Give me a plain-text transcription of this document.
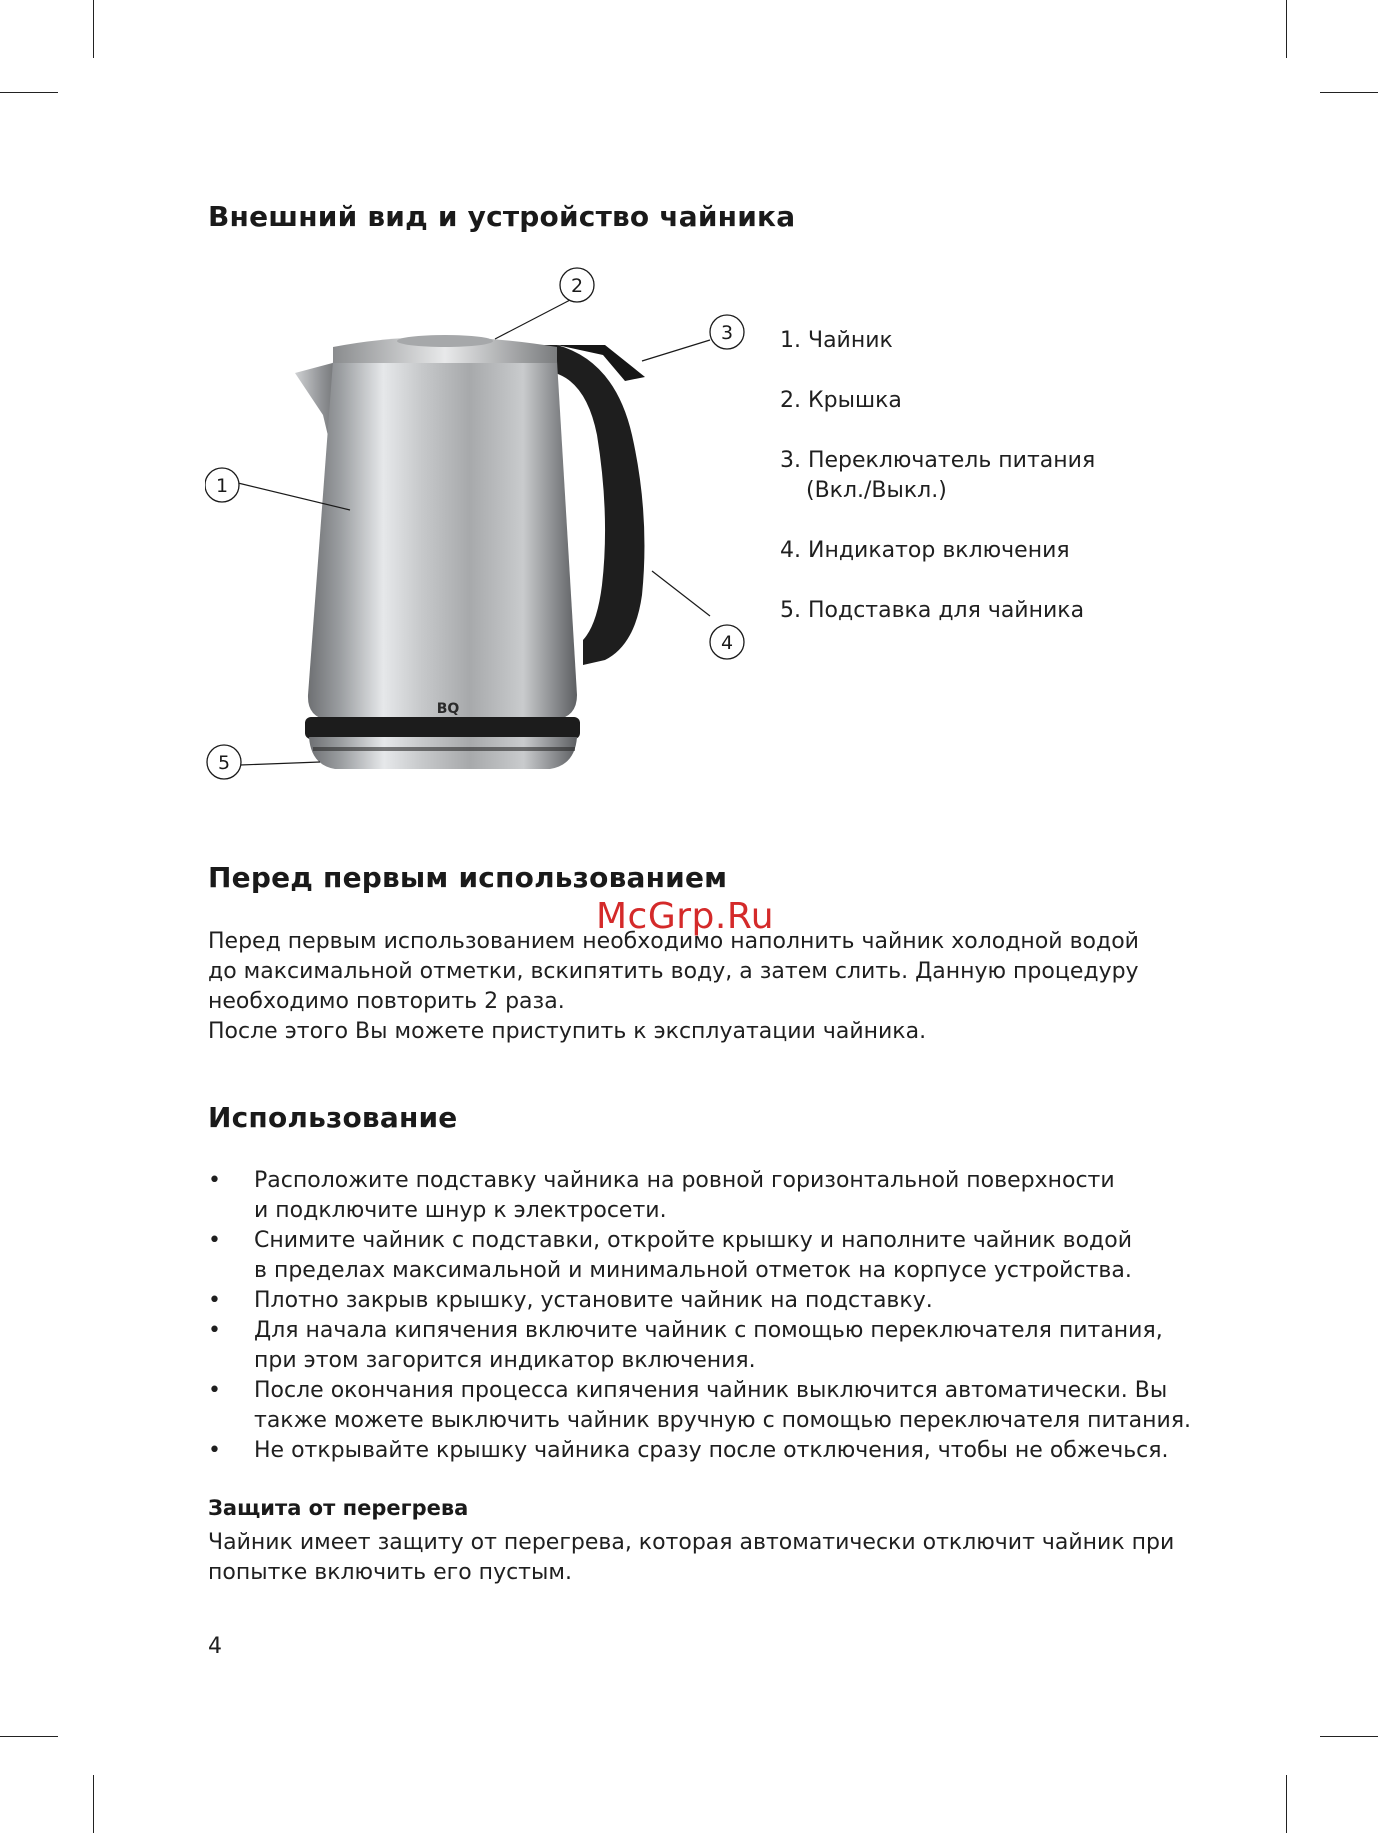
Внешний вид и устройство чайника
BQ
1
2
3
4
5
1. Чайник
2. Крышка
3. Переключатель питания
(Вкл./Выкл.)
4. Индикатор включения
5. Подставка для чайника
Перед первым использованием
McGrp.Ru

Перед первым использованием необходимо наполнить чайник холодной водой

до максимальной отметки, вскипятить воду, а затем слить. Данную процедуру

необходимо повторить 2 раза.

После этого Вы можете приступить к эксплуатации чайника.

Использование
• Расположите подставку чайника на ровной горизонтальной поверхности
и подключите шнур к электросети.
• Снимите чайник с подставки, откройте крышку и наполните чайник водой
в пределах максимальной и минимальной отметок на корпусе устройства.
• Плотно закрыв крышку, установите чайник на подставку.
• Для начала кипячения включите чайник с помощью переключателя питания,
при этом загорится индикатор включения.
• После окончания процесса кипячения чайник выключится автоматически. Вы
также можете выключить чайник вручную с помощью переключателя питания.
• Не открывайте крышку чайника сразу после отключения, чтобы не обжечься.
Защита от перегрева

Чайник имеет защиту от перегрева, которая автоматически отключит чайник при

попытке включить его пустым.

4
